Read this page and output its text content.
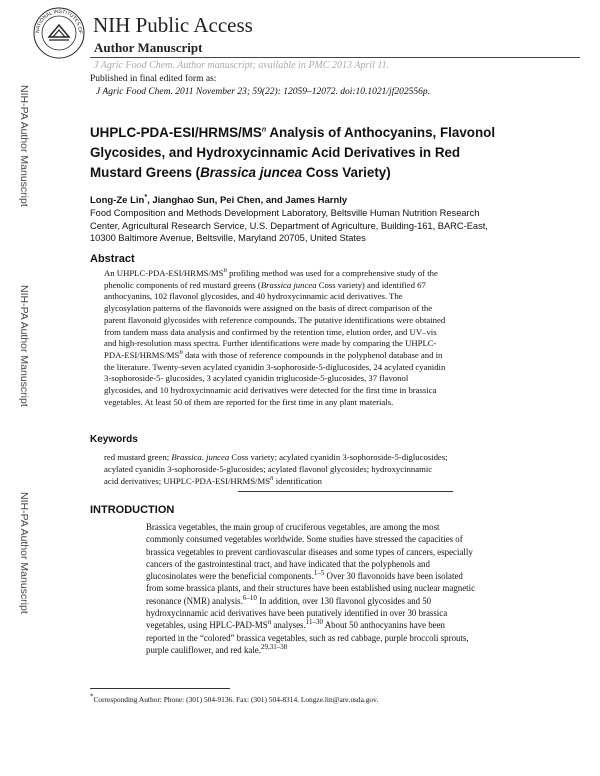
NATIONAL INSTITUTES OF NIH Public Access
Author Manuscript
J Agric Food Chem. Author manuscript; available in PMC 2013 April 11.
NIH-PA Author Manuscript
NIH-PA Author Manuscript
NIH-PA Author Manuscript
Published in final edited form as:
J Agric Food Chem. 2011 November 23; 59(22): 12059–12072. doi:10.1021/jf202556p.
UHPLC-$PDA-ESI/HRMS/MS^n$ Analysis of Anthocyanins, Flavonol
Glycosides, and Hydroxycinnamic Acid Derivatives in Red
Mustard Greens (Brassica juncea Coss Variety)
Long-Ze Lin*, Jianghao Sun, Pei Chen, and James Harnly
Food Composition and Methods Development Laboratory, Beltsville Human Nutrition Research
Center, Agricultural Research Service, U.S. Department of Agriculture, Building-161, BARC-East,
10300 Baltimore Avenue, Beltsville, Maryland 20705, United States
Abstract
An UHPLC-$PDA-ESI/HRMS/MS^n$ profiling method was used for a comprehensive study of the
phenolic components of red mustard greens (Brassica juncea Coss variety) and identified 67
anthocyanins, 102 flavonol glycosides, and 40 hydroxycinnamic acid derivatives. The
glycosylation patterns of the flavonoids were assigned on the basis of direct comparison of the
parent flavonoid glycosides with reference compounds. The putative identifications were obtained
from tandem mass data analysis and confirmed by the retention time, elution order, and UV–vis
and high-resolution mass spectra. Further identifications were made by comparing the UHPLC-
PDA-$ESI/HRMS/MS^n$ data with those of reference compounds in the polyphenol database and in
the literature. Twenty-seven acylated cyanidin 3-sophoroside-5-diglucosides, 24 acylated cyanidin
3-sophoroside-5- glucosides, 3 acylated cyanidin triglucoside-5-glucosides, 37 flavonol
glycosides, and 10 hydroxycinnamic acid derivatives were detected for the first time in brassica
vegetables. At least 50 of them are reported for the first time in any plant materials.
Keywords
red mustard green; Brassica. juncea Coss variety; acylated cyanidin 3-sophoroside-5-diglucosides;
acylated cyanidin 3-sophoroside-5-glucosides; acylated flavonol glycosides; hydroxycinnamic
acid derivatives; UHPLC-$PDA-ESI/HRMS/MS^n$ identification
INTRODUCTION
Brassica vegetables, the main group of cruciferous vegetables, are among the most
commonly consumed vegetables worldwide. Some studies have stressed the capacities of
brassica vegetables to prevent cardiovascular diseases and some types of cancers, especially
cancers of the gastrointestinal tract, and have indicated that the polyphenols and
glucosinolates were the beneficial components.$^{1-5}$ Over 30 flavonoids have been isolated
from some brassica plants, and their structures have been established using nuclear magnetic
resonance (NMR) analysis.$^{6-10}$ In addition, over 130 flavonol glycosides and 50
hydroxycinnamic acid derivatives have been putatively identified in over 30 brassica
vegetables, using HPLC-$PAD-MS^n$ analyses.$^{11-30}$ About 50 anthocyanins have been
reported in the “colored” brassica vegetables, such as red cabbage, purple broccoli sprouts,
purple cauliflower, and red kale.$^{29,31-38}$
*Corresponding Author: Phone: (301) 504-9136. Fax: (301) 504-8314. Longze.lin@are.usda.gov.
